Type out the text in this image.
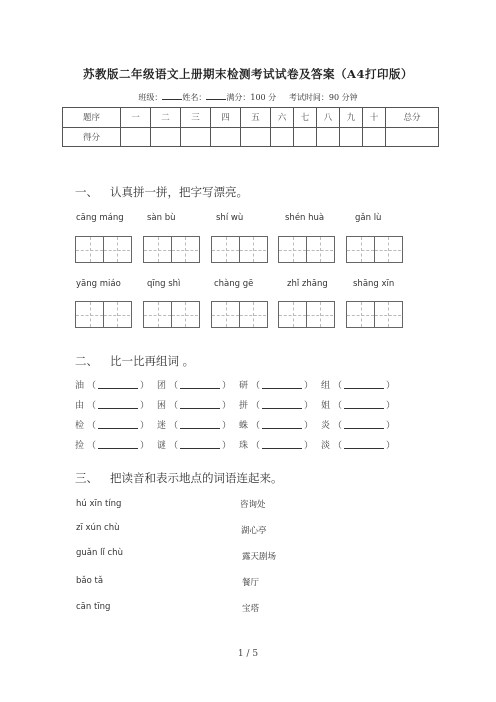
苏教版二年级语文上册期末检测考试试卷及答案（A4打印版）
班级：	姓名：	满分：100 分 考试时间：90 分钟
题序	一	二	三	四	五	六	七	八	九	十	总分
得分											
一、 认真拼一拼，把字写漂亮。
cāng máng	sàn bù	shí wù	shén huà	gǎn lù
yāng miáo	qīng shì	chàng gē	zhǐ zhāng	shāng xīn
二、 比一比再组词 。
油 （	） 团 （	） 研 （	） 组 （	）
由 （	） 困 （	） 拼 （	） 姐 （	）
检 （	） 迷 （	） 蛛 （	） 炎 （	）
捡 （	） 谜 （	） 珠 （	） 淡 （	）
三、 把读音和表示地点的词语连起来。
hú xīn tíng
zī xún chù
guǎn lǐ chù
bǎo tǎ
cān tīng
咨询处
湖心亭
露天剧场
餐厅
宝塔
1 / 5
